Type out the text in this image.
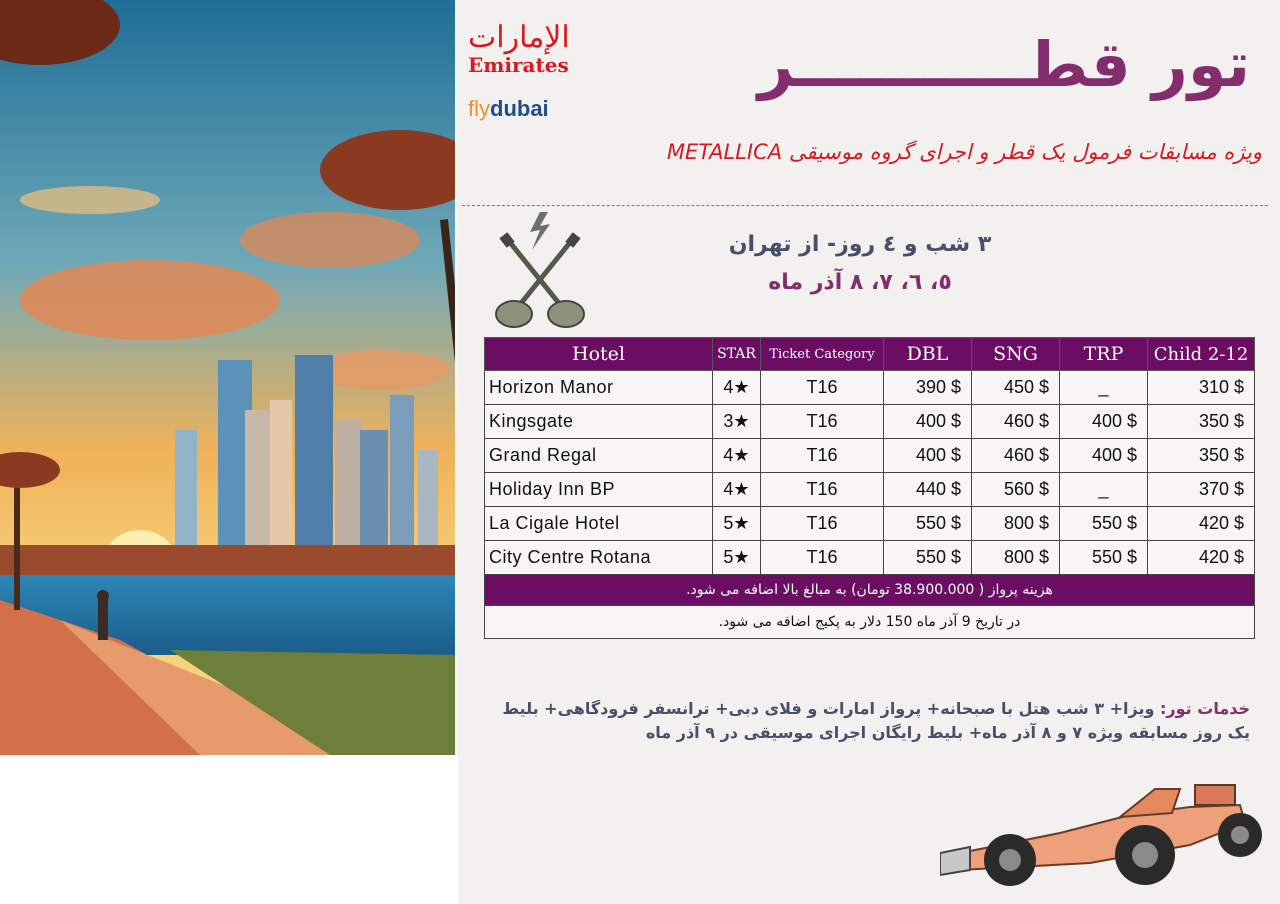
ﺍﻹﻣﺎﺭﺍﺕ
Emirates
flydubai
تور قطـــــــــــر
ویژه مسابقات فرمول یک قطر و اجرای گروه موسیقی METALLICA
۳ شب و ٤ روز- از تهران
٥، ٦، ٧، ٨ آذر ماه
Hotel	STAR	Ticket Category	DBL	SNG	TRP	Child 2-12
Horizon Manor	4★	T16	390 $	450 $	_	310 $
Kingsgate	3★	T16	400 $	460 $	400 $	350 $
Grand Regal	4★	T16	400 $	460 $	400 $	350 $
Holiday Inn BP	4★	T16	440 $	560 $	_	370 $
La Cigale Hotel	5★	T16	550 $	800 $	550 $	420 $
City Centre Rotana	5★	T16	550 $	800 $	550 $	420 $
هزینه پرواز ( 38.900.000 تومان) به مبالغ بالا اضافه می شود.						
در تاریخ 9 آذر ماه 150 دلار به پکیج اضافه می شود.						
خدمات تور: ویزا+ ۳ شب هتل با صبحانه+ پرواز امارات و فلای دبی+ ترانسفر فرودگاهی+ بلیط یک روز مسابقه ویژه ۷ و ۸ آذر ماه+ بلیط رایگان اجرای موسیقی در ۹ آذر ماه
